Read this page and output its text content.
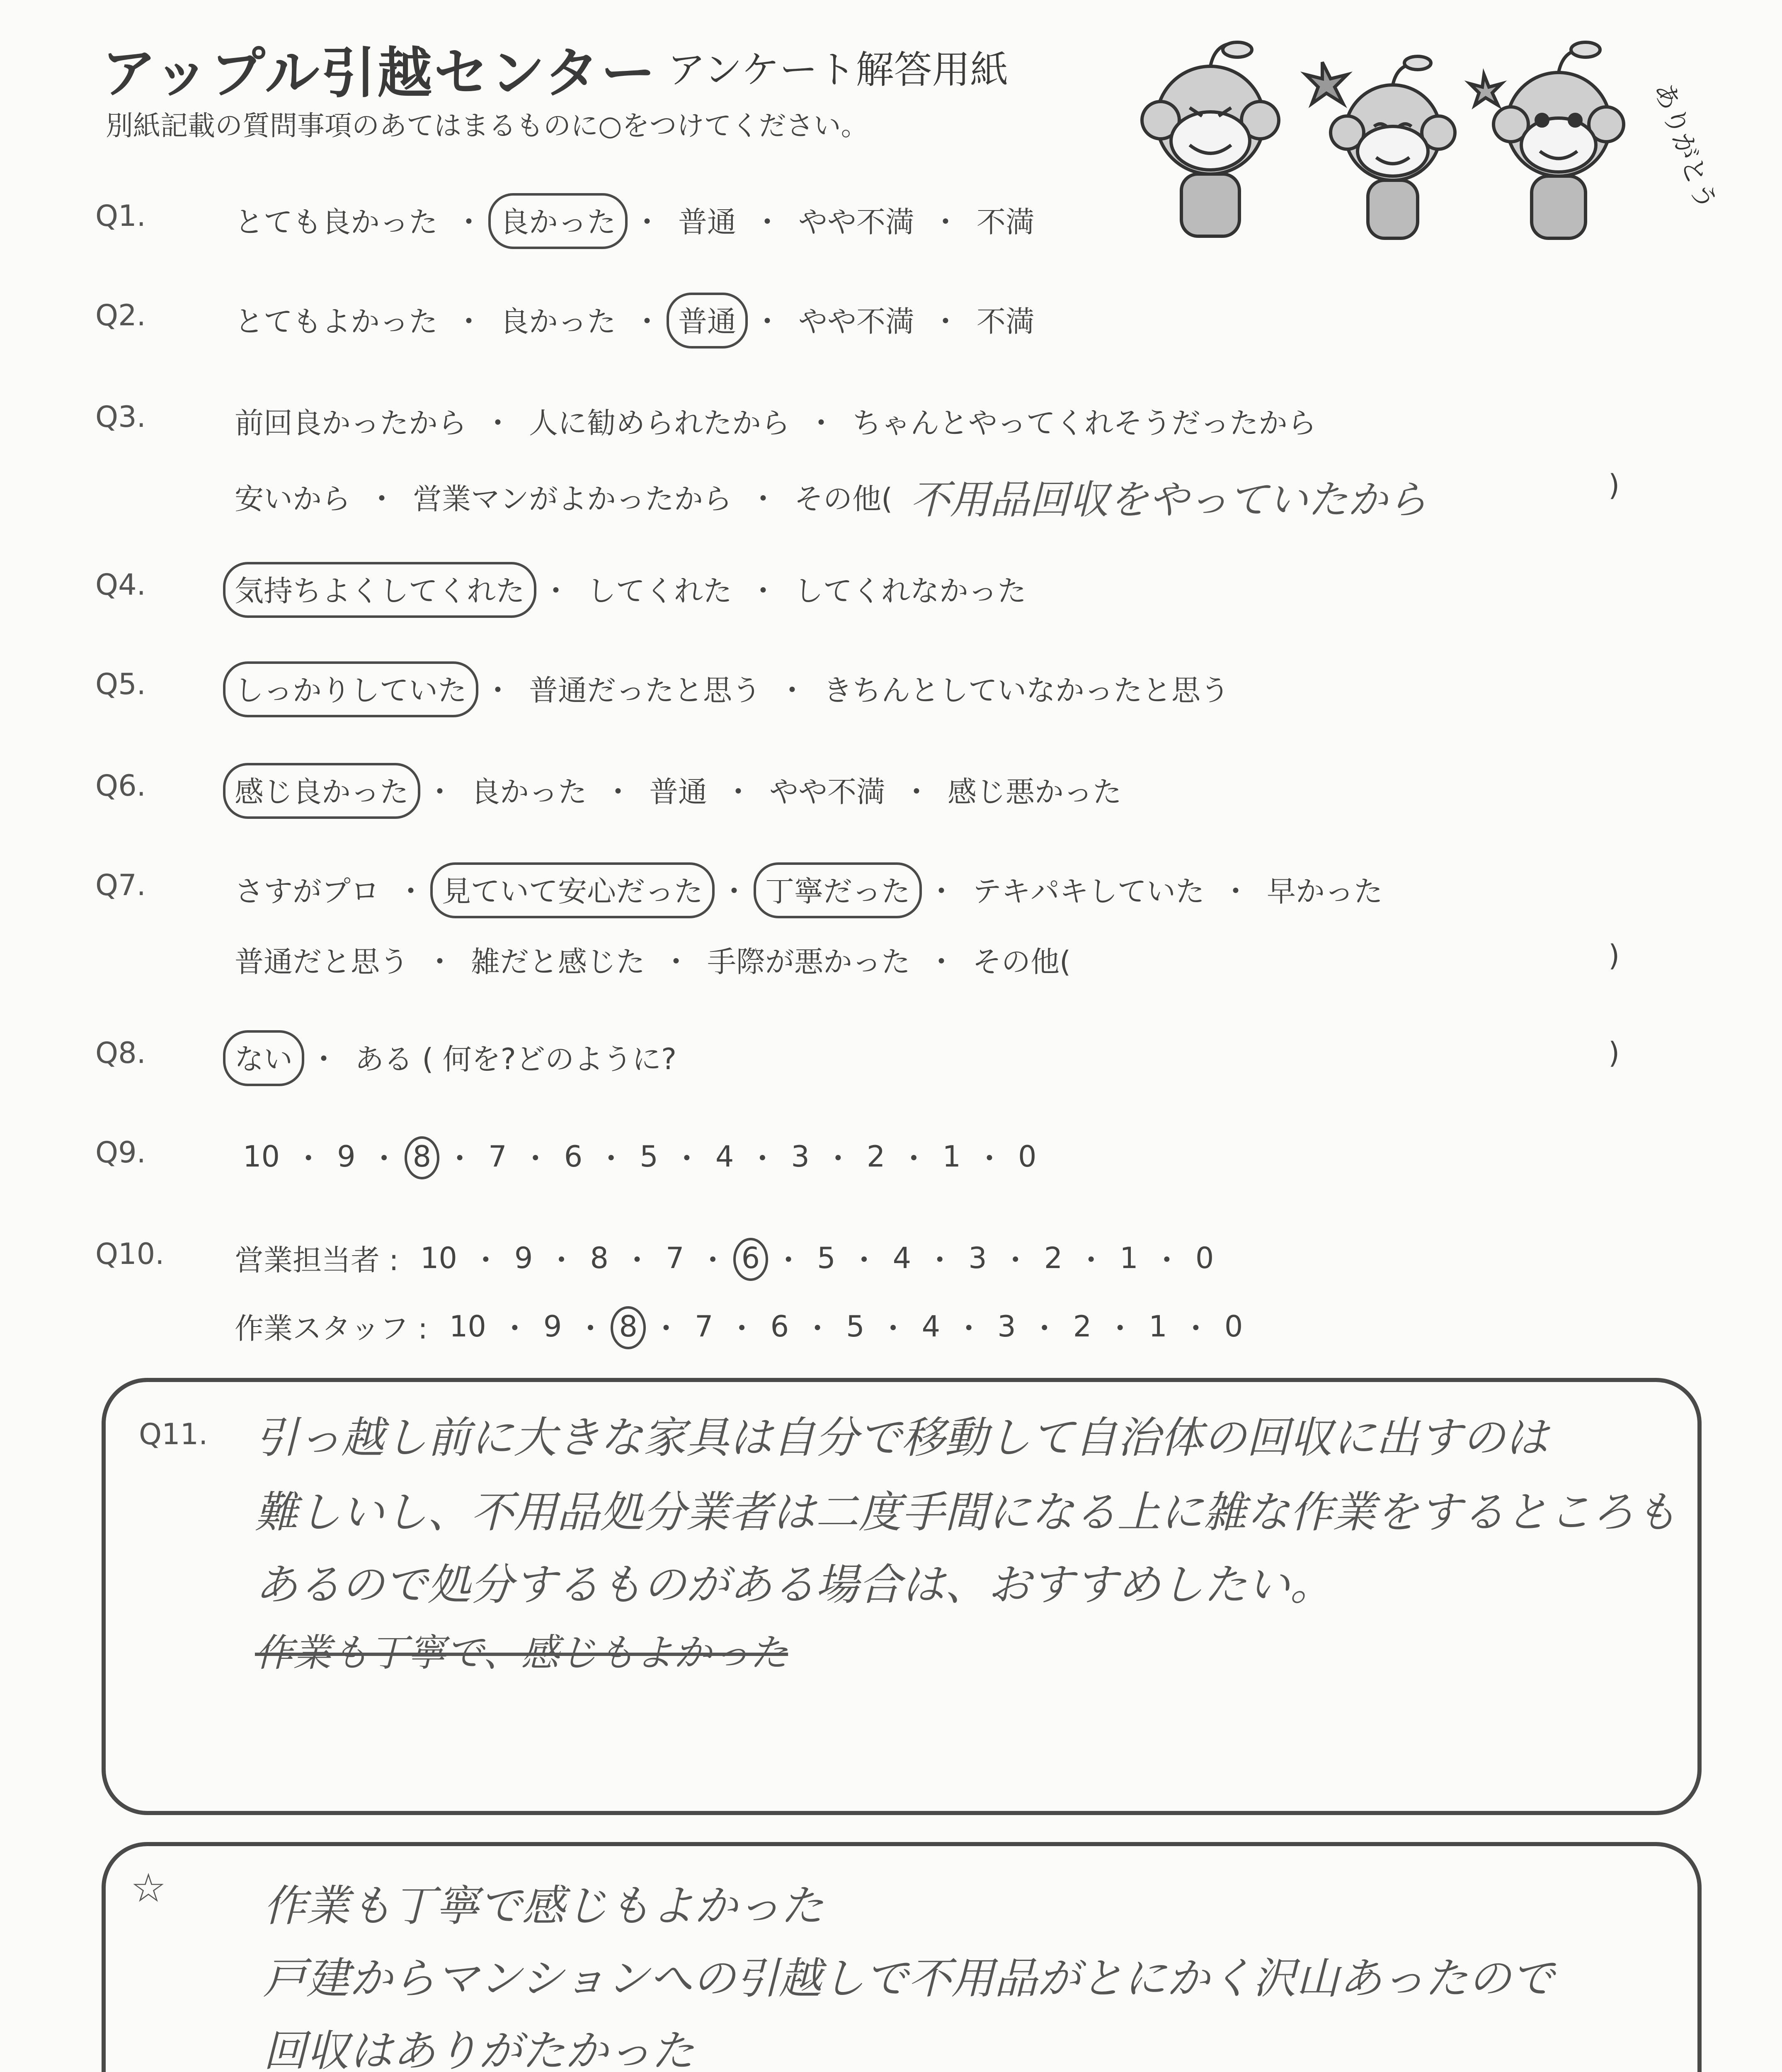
アップル引越センター アンケート解答用紙
別紙記載の質問事項のあてはまるものに○をつけてください。	ありがとう
Q1.	とても良かった ・ 良かった ・ 普通 ・ やや不満 ・ 不満
Q2.	とてもよかった ・ 良かった ・ 普通 ・ やや不満 ・ 不満
Q3.	前回良かったから ・ 人に勧められたから ・ ちゃんとやってくれそうだったから
安いから ・ 営業マンがよかったから ・ その他( 不用品回収をやっていたから	)
Q4.	気持ちよくしてくれた ・ してくれた ・ してくれなかった
Q5.	しっかりしていた ・ 普通だったと思う ・ きちんとしていなかったと思う
Q6.	感じ良かった ・ 良かった ・ 普通 ・ やや不満 ・ 感じ悪かった
Q7.	さすがプロ ・ 見ていて安心だった ・ 丁寧だった ・ テキパキしていた ・ 早かった
普通だと思う ・ 雑だと感じた ・ 手際が悪かった ・ その他(	)
Q8.	ない ・ ある ( 何を?どのように?	)
Q9.	10 ・ 9 ・ 8 ・ 7 ・ 6 ・ 5 ・ 4 ・ 3 ・ 2 ・ 1 ・ 0
Q10. 営業担当者 : 10 ・ 9 ・ 8 ・ 7 ・ 6 ・ 5 ・ 4 ・ 3 ・ 2 ・ 1 ・ 0
作業スタッフ : 10 ・ 9 ・ 8 ・ 7 ・ 6 ・ 5 ・ 4 ・ 3 ・ 2 ・ 1 ・ 0
Q11. 引っ越し前に大きな家具は自分で移動して自治体の回収に出すのは
難しいし、不用品処分業者は二度手間になる上に雑な作業をするところも
あるので処分するものがある場合は、おすすめしたい。
作業も丁寧で、感じもよかった
☆ 作業も丁寧で感じもよかった
戸建からマンションへの引越しで不用品がとにかく沢山あったので
回収はありがたかった
